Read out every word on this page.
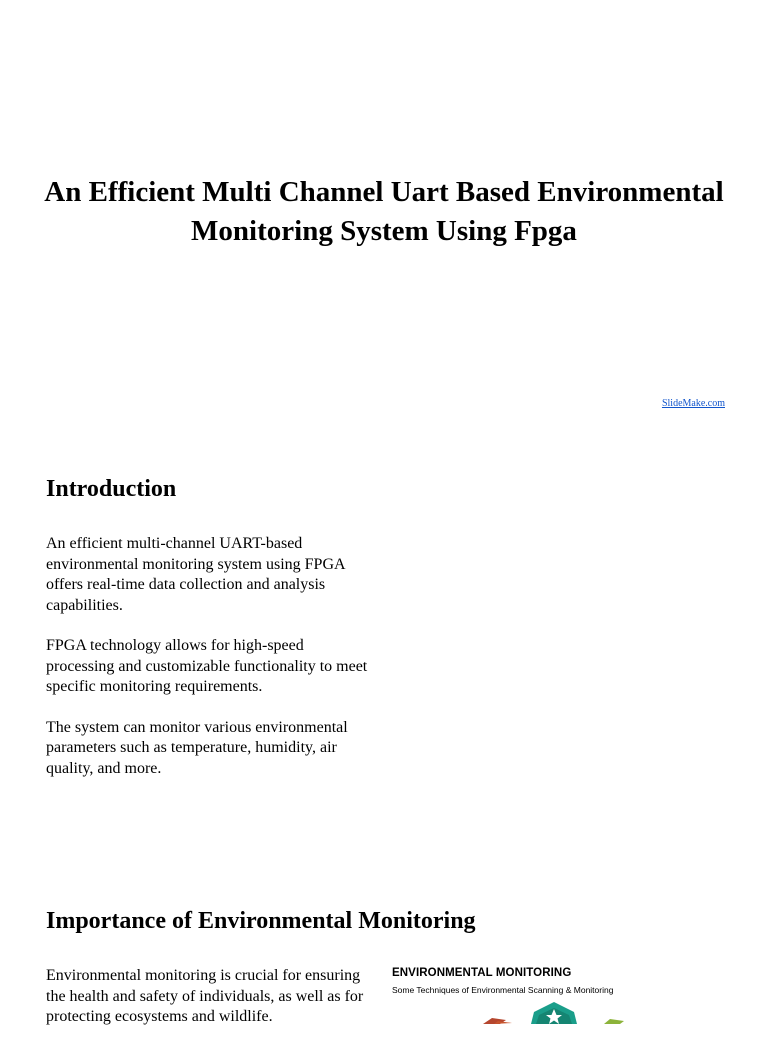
An Efficient Multi Channel Uart Based Environmental Monitoring System Using Fpga
SlideMake.com
Introduction

An efficient multi-channel UART-based environmental monitoring system using FPGA offers real-time data collection and analysis capabilities.

FPGA technology allows for high-speed processing and customizable functionality to meet specific monitoring requirements.

The system can monitor various environmental parameters such as temperature, humidity, air quality, and more.

Importance of Environmental Monitoring

Environmental monitoring is crucial for ensuring the health and safety of individuals, as well as for protecting ecosystems and wildlife.

ENVIRONMENTAL MONITORING
Some Techniques of Environmental Scanning & Monitoring
